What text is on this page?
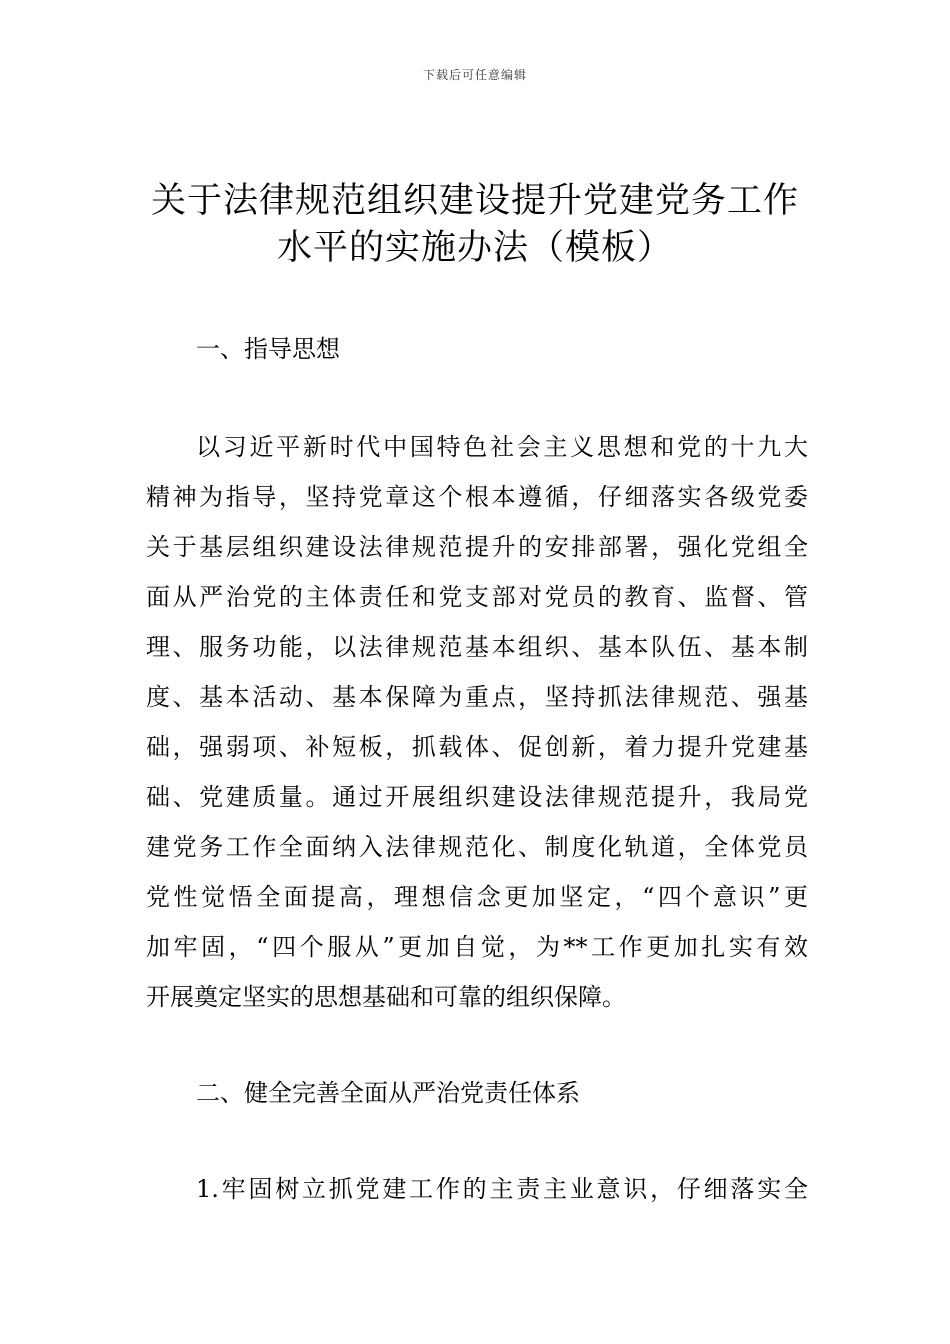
下载后可任意编辑
关于法律规范组织建设提升党建党务工作
水平的实施办法（模板）
一、指导思想

以习近平新时代中国特色社会主义思想和党的十九大
精神为指导，坚持党章这个根本遵循，仔细落实各级党委
关于基层组织建设法律规范提升的安排部署，强化党组全
面从严治党的主体责任和党支部对党员的教育、监督、管
理、服务功能，以法律规范基本组织、基本队伍、基本制
度、基本活动、基本保障为重点，坚持抓法律规范、强基
础，强弱项、补短板，抓载体、促创新，着力提升党建基
础、党建质量。通过开展组织建设法律规范提升，我局党
建党务工作全面纳入法律规范化、制度化轨道，全体党员
党性觉悟全面提高，理想信念更加坚定，“四个意识”更
加牢固，“四个服从”更加自觉，为**工作更加扎实有效
开展奠定坚实的思想基础和可靠的组织保障。

二、健全完善全面从严治党责任体系

1.牢固树立抓党建工作的主责主业意识，仔细落实全
